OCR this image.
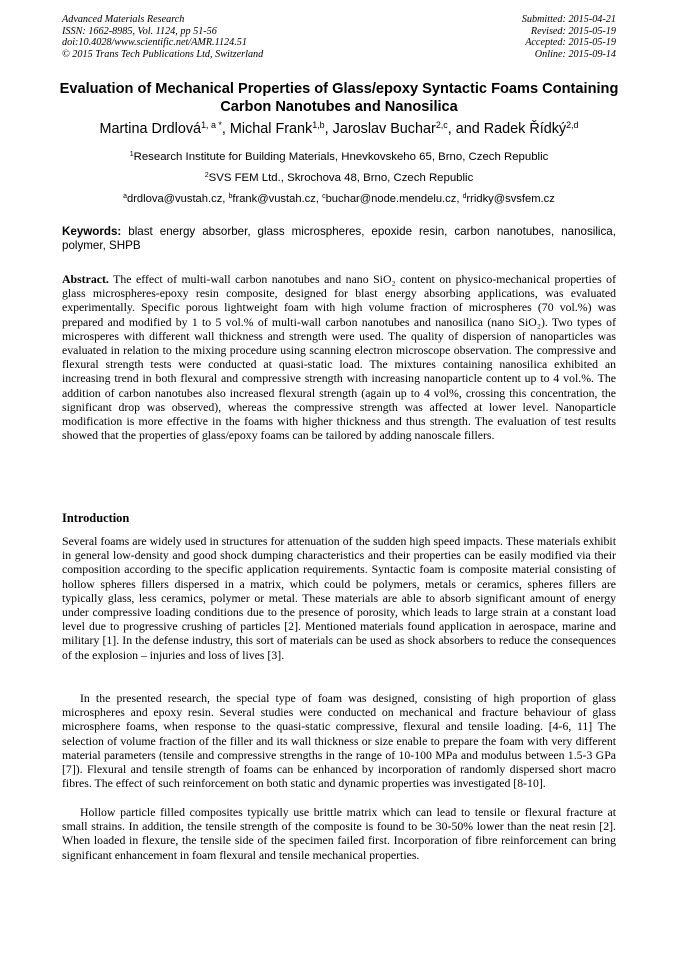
Advanced Materials Research
ISSN: 1662-8985, Vol. 1124, pp 51-56
doi:10.4028/www.scientific.net/AMR.1124.51
© 2015 Trans Tech Publications Ltd, Switzerland
Submitted: 2015-04-21
Revised: 2015-05-19
Accepted: 2015-05-19
Online: 2015-09-14
Evaluation of Mechanical Properties of Glass/epoxy Syntactic Foams Containing Carbon Nanotubes and Nanosilica
Martina Drdlová$^{1, a *}$, Michal Frank$^{1,b}$, Jaroslav Buchar$^{2,c}$, and Radek Řídký$^{2,d}$
$^1$Research Institute for Building Materials, Hnevkovskeho 65, Brno, Czech Republic
$^2$SVS FEM Ltd., Skrochova 48, Brno, Czech Republic
$^a$drdlova@vustah.cz, $^b$frank@vustah.cz, $^c$buchar@node.mendelu.cz, $^d$rridky@svsfem.cz
Keywords: blast energy absorber, glass microspheres, epoxide resin, carbon nanotubes, nanosilica, polymer, SHPB
Abstract. The effect of multi-wall carbon nanotubes and nano SiO₂ content on physico-mechanical properties of glass microspheres-epoxy resin composite, designed for blast energy absorbing applications, was evaluated experimentally. Specific porous lightweight foam with high volume fraction of microspheres (70 vol.%) was prepared and modified by 1 to 5 vol.% of multi-wall carbon nanotubes and nanosilica (nano SiO₂). Two types of microsperes with different wall thickness and strength were used. The quality of dispersion of nanoparticles was evaluated in relation to the mixing procedure using scanning electron microscope observation. The compressive and flexural strength tests were conducted at quasi-static load. The mixtures containing nanosilica exhibited an increasing trend in both flexural and compressive strength with increasing nanoparticle content up to 4 vol.%. The addition of carbon nanotubes also increased flexural strength (again up to 4 vol%, crossing this concentration, the significant drop was observed), whereas the compressive strength was affected at lower level. Nanoparticle modification is more effective in the foams with higher thickness and thus strength. The evaluation of test results showed that the properties of glass/epoxy foams can be tailored by adding nanoscale fillers.
Introduction
Several foams are widely used in structures for attenuation of the sudden high speed impacts. These materials exhibit in general low-density and good shock dumping characteristics and their properties can be easily modified via their composition according to the specific application requirements. Syntactic foam is composite material consisting of hollow spheres fillers dispersed in a matrix, which could be polymers, metals or ceramics, spheres fillers are typically glass, less ceramics, polymer or metal. These materials are able to absorb significant amount of energy under compressive loading conditions due to the presence of porosity, which leads to large strain at a constant load level due to progressive crushing of particles [2]. Mentioned materials found application in aerospace, marine and military [1]. In the defense industry, this sort of materials can be used as shock absorbers to reduce the consequences of the explosion – injuries and loss of lives [3].
In the presented research, the special type of foam was designed, consisting of high proportion of glass microspheres and epoxy resin. Several studies were conducted on mechanical and fracture behaviour of glass microsphere foams, when response to the quasi-static compressive, flexural and tensile loading. [4-6, 11] The selection of volume fraction of the filler and its wall thickness or size enable to prepare the foam with very different material parameters (tensile and compressive strengths in the range of 10-100 MPa and modulus between 1.5-3 GPa [7]). Flexural and tensile strength of foams can be enhanced by incorporation of randomly dispersed short macro fibres. The effect of such reinforcement on both static and dynamic properties was investigated [8-10].
Hollow particle filled composites typically use brittle matrix which can lead to tensile or flexural fracture at small strains. In addition, the tensile strength of the composite is found to be 30-50% lower than the neat resin [2]. When loaded in flexure, the tensile side of the specimen failed first. Incorporation of fibre reinforcement can bring significant enhancement in foam flexural and tensile mechanical properties.
